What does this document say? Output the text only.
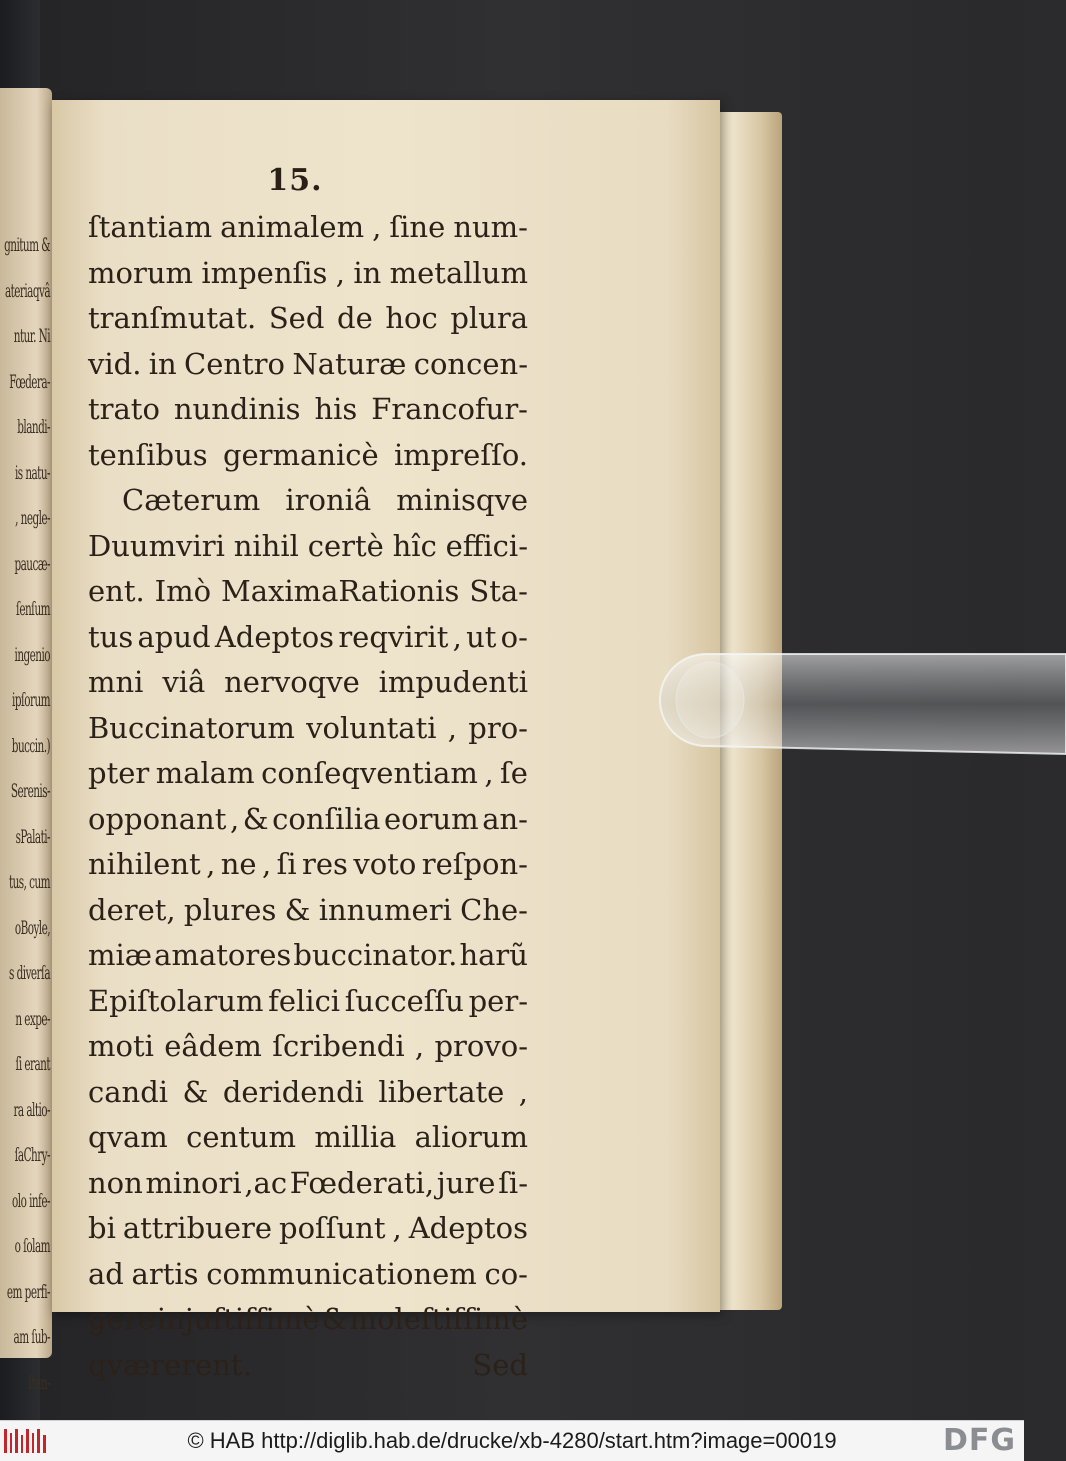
gnitum &
ateriaqvâ
ntur. Ni
Fœdera-
blandi-
is natu-
, negle-
paucæ-
ſenſum
ingenio
ipſorum
buccin.)
Serenis-
sPalati-
tus, cum
oBoyle,
s diverſa
n expe-
ſi erant
ra altio-
ſaChry-
olo infe-
o ſolam
em perfi-
am ſub-
ſtan-
15.
ſtantiam animalem , ſine num-
morum impenſis , in metallum
tranſmutat. Sed de hoc plura
vid. in Centro Naturæ concen-
trato nundinis his Francofur-
tenſibus germanicè impreſſo.
Cæterum ironiâ minisqve
Duumviri nihil certè hîc effici-
ent. Imò MaximaRationis Sta-
tus apud Adeptos reqvirit , ut o-
mni viâ nervoqve impudenti
Buccinatorum voluntati , pro-
pter malam conſeqventiam , ſe
opponant , & conſilia eorum an-
nihilent , ne , ſi res voto reſpon-
deret, plures & innumeri Che-
miæ amatores buccinator. harũ
Epiſtolarum felici ſucceſſu per-
moti eâdem ſcribendi , provo-
candi & deridendi libertate ,
qvam centum millia aliorum
non minori ,ac Fœderati, jure ſi-
bi attribuere poſſunt , Adeptos
ad artis communicationem co-
gere injuſtiſſimè & moleſtiſſimè
qværerent.	Sed
© HAB http://diglib.hab.de/drucke/xb-4280/start.htm?image=00019	DFG
